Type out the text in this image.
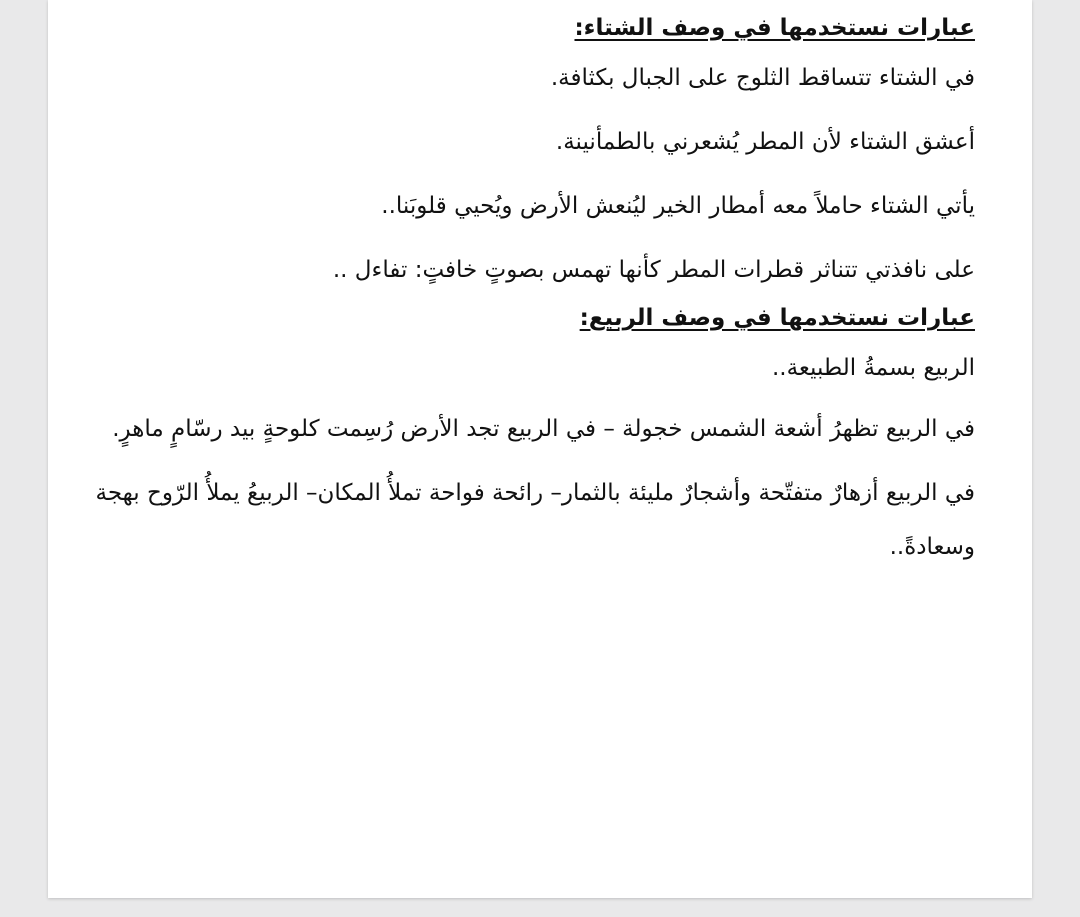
عبارات نستخدمها في وصف الشتاء:
في الشتاء تتساقط الثلوج على الجبال بكثافة.
أعشق الشتاء لأن المطر يُشعرني بالطمأنينة.
يأتي الشتاء حاملاً معه أمطار الخير ليُنعش الأرض ويُحيي قلوبَنا..
على نافذتي تتناثر قطرات المطر كأنها تهمس بصوتٍ خافتٍ: تفاءل ..
عبارات نستخدمها في وصف الربيع:
الربيع بسمةُ الطبيعة..
في الربيع تظهرُ أشعة الشمس خجولة – في الربيع تجد الأرض رُسِمت كلوحةٍ بيد رسّامٍ ماهرٍ.
في الربيع أزهارٌ متفتّحة وأشجارٌ مليئة بالثمار– رائحة فواحة تملأُ المكان– الربيعُ يملأُ الرّوح بهجة وسعادةً..
